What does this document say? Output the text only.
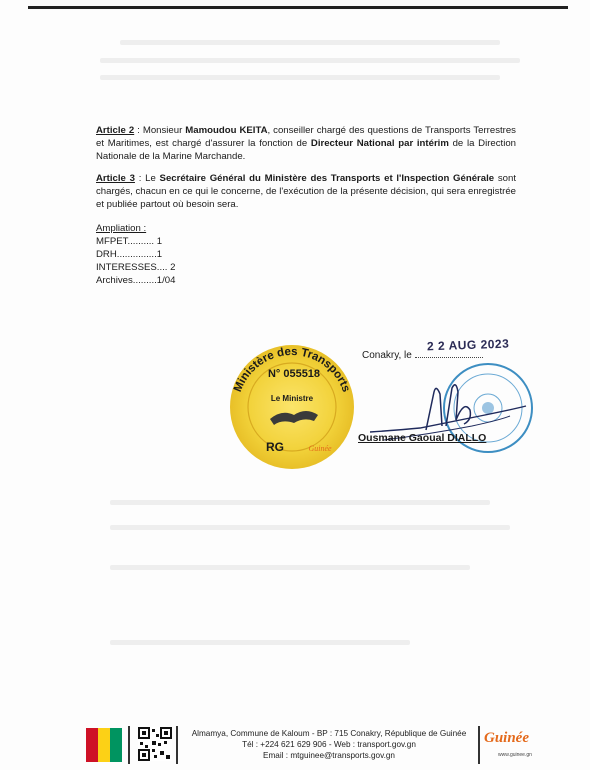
Article 2 : Monsieur Mamoudou KEITA, conseiller chargé des questions de Transports Terrestres et Maritimes, est chargé d'assurer la fonction de Directeur National par intérim de la Direction Nationale de la Marine Marchande.
Article 3 : Le Secrétaire Général du Ministère des Transports et l'Inspection Générale sont chargés, chacun en ce qui le concerne, de l'exécution de la présente décision, qui sera enregistrée et publiée partout où besoin sera.
Ampliation :
MFPET.......... 1
DRH...............1
INTERESSES.... 2
Archives.........1/04
Conakry, le
2 2 AUG 2023
Ministère des Transports
N° 055518
Le Ministre
RG	Guinée
Ousmane Gaoual DIALLO
Almamya, Commune de Kaloum - BP : 715 Conakry, République de Guinée
Tél : +224 621 629 906 - Web : transport.gov.gn
Email : mtguinee@transports.gov.gn
Guinée
www.guinee.gn
